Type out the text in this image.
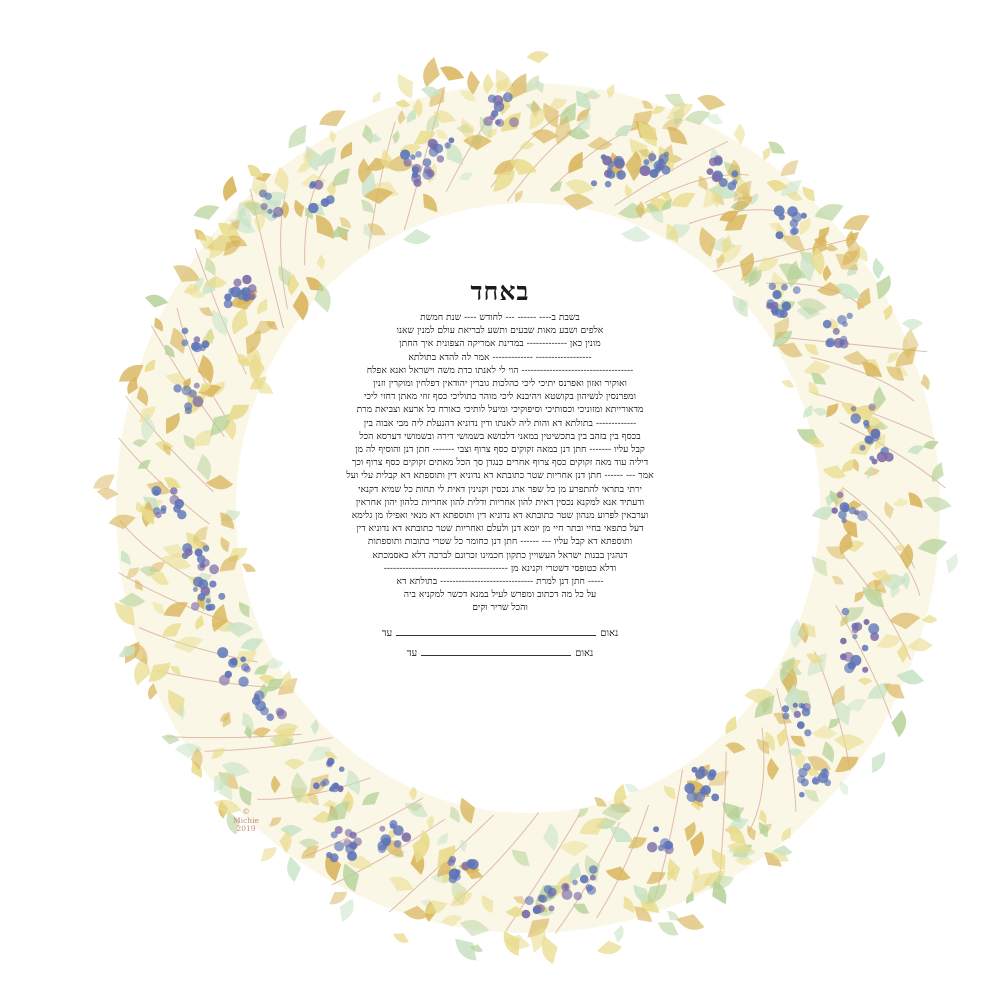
באחד
בשבת ב---- ------ --- לחודש ---- שנת חמשת
אלפים ושבע מאות שבעים ותשע לבריאת עולם למנין שאנו
מונין כאן ------------- במדינת אמריקה הצפונית איך החתן
------------------ ------------- אמר לה להדא בתולתא
------------------------------------ הוי לי לאנתו כדת משה וישראל ואנא אפלח
ואוקיר ואזון ואפרנס יתיכי ליכי כהלכות גוברין יהודאין דפלחין ומוקרין וזנין
ומפרנסין לנשיהון בקושטא ויהיבנא ליכי מוהר בתוליכי כסף זוזי מאתן דחזי ליכי
מדאורייתא ומזוניכי וכסותיכי וסיפוקיכי ומיעל לותיכי כאורח כל ארעא וצביאת מרת
------------- בתולתא דא והות ליה לאנתו ודין נדוניא דהנעלת ליה מבי אבוה בין
בכסף בין בזהב בין בתכשיטין במאני דלבושא בשמושי דירה ובשמושי דערסא הכל
קבל עליו ------- חתן דנן במאה זקוקים כסף צרוף וצבי ------- חתן דנן והוסיף לה מן
דיליה עוד מאה זקוקים כסף צרוף אחרים כנגדן סך הכל מאתים זקוקים כסף צרוף וכך
אמר --- ------ חתן דנן אחריות שטר כתובתא דא נדוניא דין ותוספתא דא קבלית עלי ועל
ירתי בתראי להתפרע מן כל שפר ארג נכסין וקנינין דאית לי תחות כל שמיא דקנאי
ודעתיד אנא למקנא נכסין דאית להון אחריות ודלית להון אחריות כלהון יהון אחראין
וערבאין לפרוע מנהון שטר כתובתא דא נדוניא דין ותוספתא דא מנאי ואפילו מן גלימא
דעל כתפאי בחיי ובתר חיי מן יומא דנן ולעלם ואחריות שטר כתובתא דא נדוניא דין
ותוספתא דא קבל עליו --- ------ חתן דנן כחומר כל שטרי כתובות ותוספתות
דנהגין בבנות ישראל העשויין כתקון חכמינו זכרונם לברכה דלא כאסמכתא
ודלא כטופסי דשטרי וקנינא מן ----------------------------------------
----- חתן דנן למרת ------------------------------ בתולתא דא
על כל מה דכתוב ומפרש לעיל במנא דכשר למקניא ביה
והכל שריר וקים
נאוםעד
נאוםעד
©
Michie
2019
